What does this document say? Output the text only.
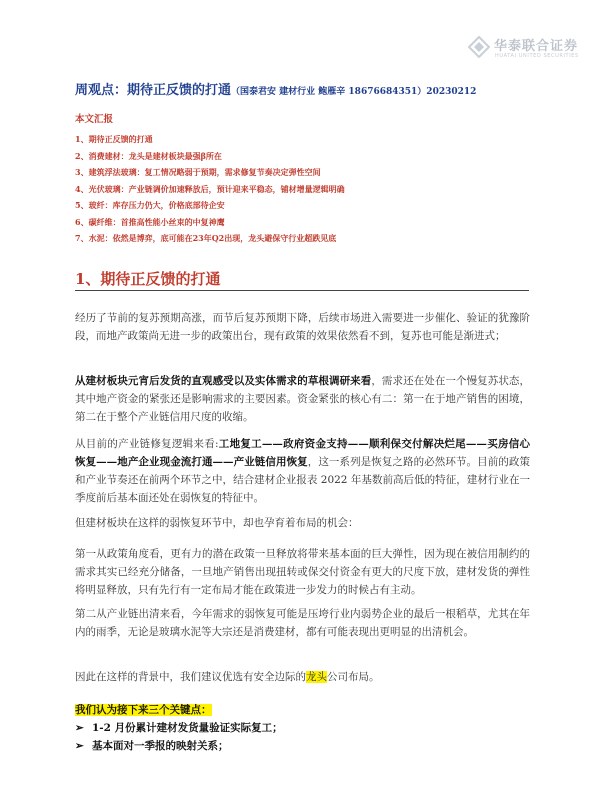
华泰联合证券
HUATAI UNITED SECURITIES
周观点：期待正反馈的打通（国泰君安 建材行业 鲍雁辛 18676684351）20230212
本文汇报
1、期待正反馈的打通
2、消费建材：龙头是建材板块最强β所在
3、建筑浮法玻璃：复工情况略弱于预期，需求修复节奏决定弹性空间
4、光伏玻璃：产业链调价加速释放后，预计迎来平稳态，铺材增量逻辑明确
5、玻纤：库存压力仍大，价格底部待企安
6、碳纤维：首推高性能小丝束的中复神鹰
7、水泥：依然是博弈，底可能在23年Q2出现，龙头避保守行业超跌见底
1、期待正反馈的打通

经历了节前的复苏预期高涨，而节后复苏预期下降，后续市场进入需要进一步催化、验证的犹豫阶段，而地产政策尚无进一步的政策出台，现有政策的效果依然看不到，复苏也可能是渐进式；

从建材板块元宵后发货的直观感受以及实体需求的草根调研来看，需求还在处在一个慢复苏状态，其中地产资金的紧张还是影响需求的主要因素。资金紧张的核心有二：第一在于地产销售的困境，第二在于整个产业链信用尺度的收缩。

从目前的产业链修复逻辑来看:工地复工——政府资金支持——顺利保交付解决烂尾——买房信心恢复——地产企业现金流打通——产业链信用恢复，这一系列是恢复之路的必然环节。目前的政策和产业节奏还在前两个环节之中，结合建材企业报表 2022 年基数前高后低的特征，建材行业在一季度前后基本面还处在弱恢复的特征中。

但建材板块在这样的弱恢复环节中，却也孕育着布局的机会：

第一从政策角度看，更有力的潜在政策一旦释放将带来基本面的巨大弹性，因为现在被信用制约的需求其实已经充分储备，一旦地产销售出现扭转或保交付资金有更大的尺度下放，建材发货的弹性将明显释放，只有先行有一定布局才能在政策进一步发力的时候占有主动。

第二从产业链出清来看，今年需求的弱恢复可能是压垮行业内弱势企业的最后一根稻草，尤其在年内的雨季，无论是玻璃水泥等大宗还是消费建材，都有可能表现出更明显的出清机会。

因此在这样的背景中，我们建议优选有安全边际的龙头公司布局。

我们认为接下来三个关键点：
➢ 1-2 月份累计建材发货量验证实际复工；
➢ 基本面对一季报的映射关系；
